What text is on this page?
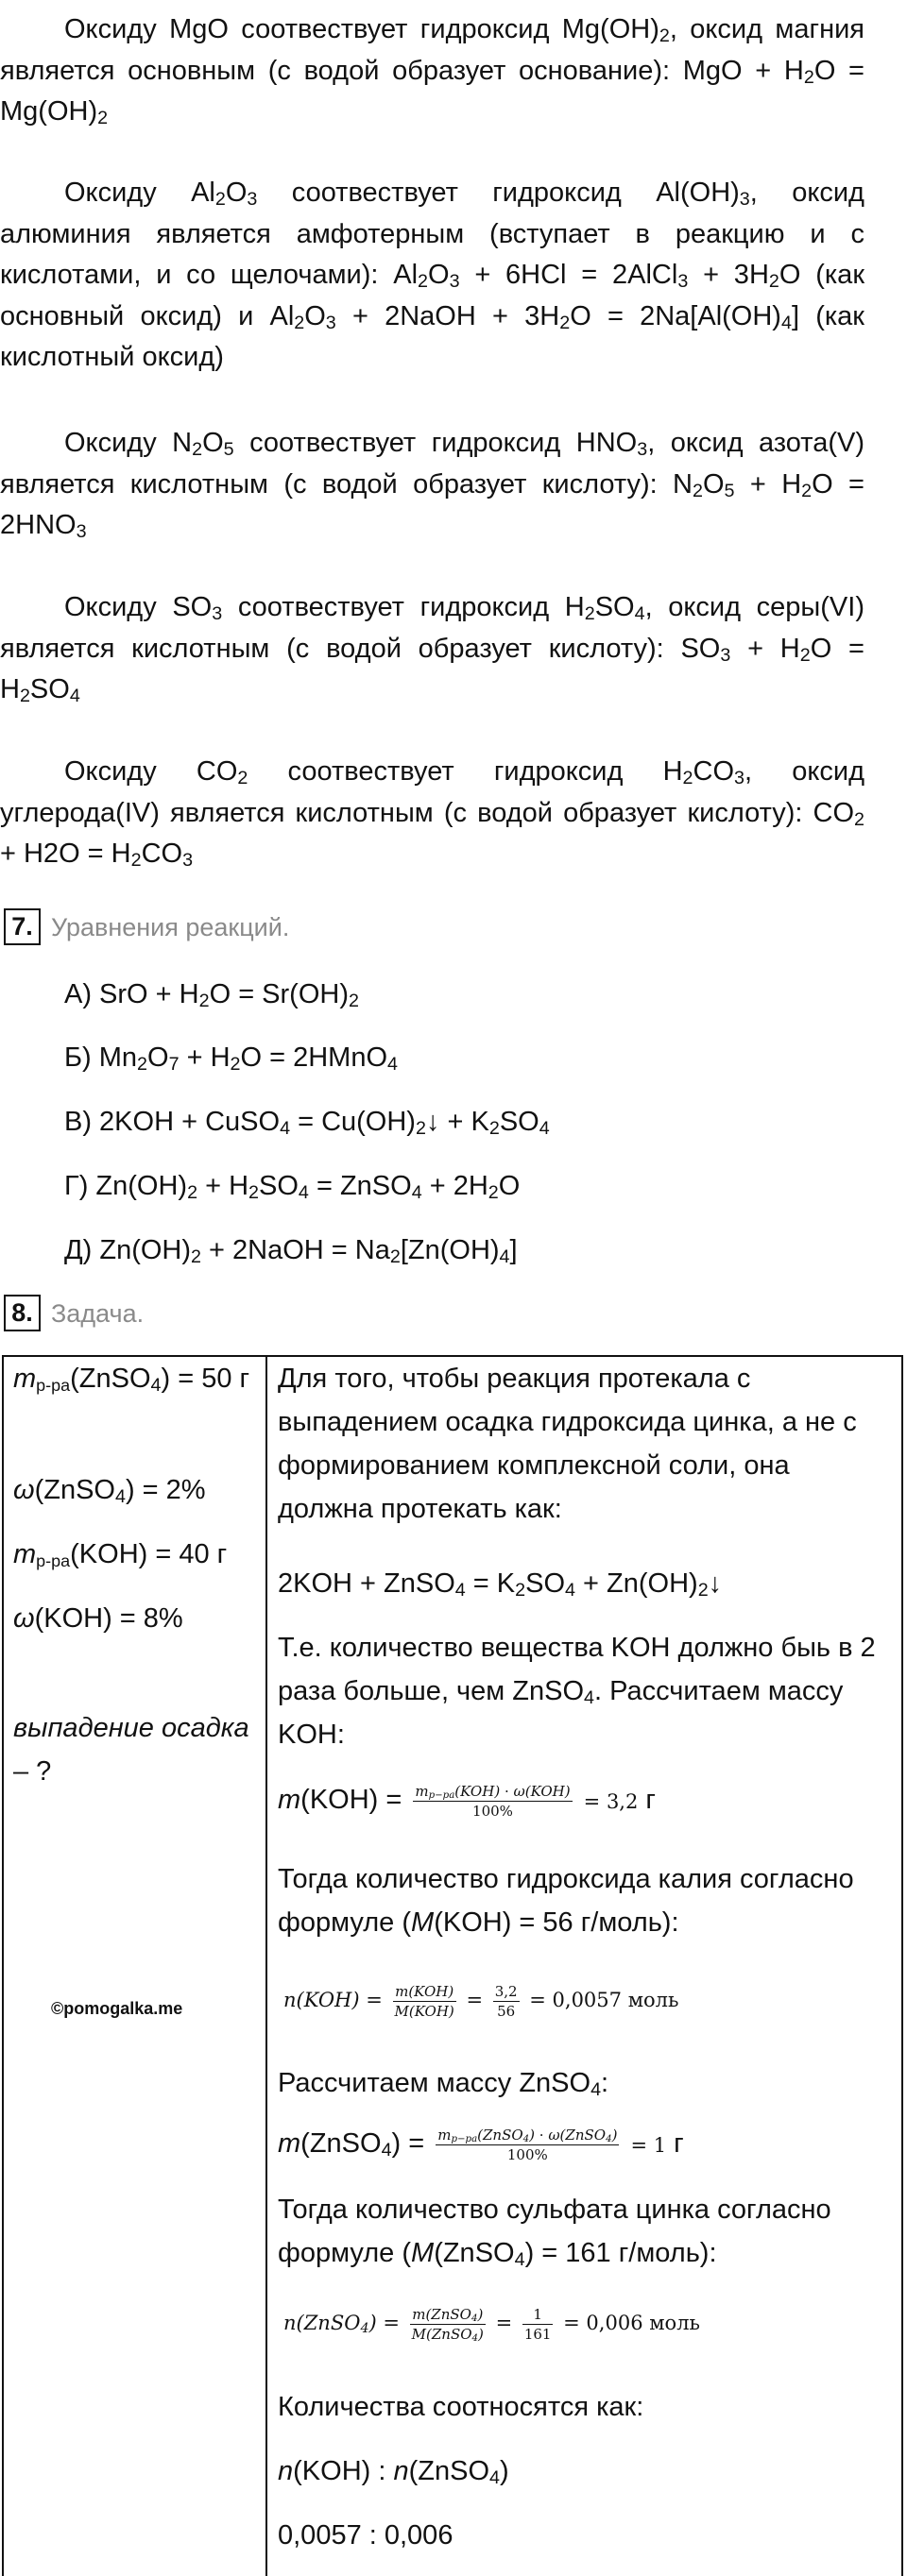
Оксиду MgO соотвествует гидроксид $Mg(OH)_2$, оксид магния является основным (с водой образует основание): MgO + $H_2O = Mg(OH)_2$
Оксиду $Al_2O_3$ соотвествует гидроксид $Al(OH)_3$, оксид алюминия является амфотерным (вступает в реакцию и с кислотами, и со щелочами): $Al_2O_3 + 6HCl$ = 2AlCl$_3$ + $3H_2O$ (как основный оксид) и $Al_2O_3$ + 2NaOH + $3H_2O = 2Na[Al(OH)_4]$ (как кислотный оксид)
Оксиду $N_2O_5$ соотвествует гидроксид $HNO_3$, оксид азота(V) является кислотным (с водой образует кислоту): $N_2O_5 + H_2O = 2HNO_3$
Оксиду $SO_3$ соотвествует гидроксид $H_2SO_4$, оксид серы(VI) является кислотным (с водой образует кислоту): $SO_3 + H_2O = H_2SO_4$
Оксиду $CO_2$ соотвествует гидроксид $H_2CO_3$, оксид углерода(IV) является кислотным (с водой образует кислоту): $CO_2 + H2O = H_2CO_3$
7. Уравнения реакций.
А) SrO + $H_2O = Sr(OH)_2$
Б) $Mn_2O_7 + H_2O$ = 2HMnO$_4$
В) 2KOH + CuSO$_4$ = $Cu(OH)_2↓ + K_2SO_4$
Г) $Zn(OH)_2 + H_2SO_4$ = ZnSO$_4$ + $2H_2O$
Д) $Zn(OH)_2$ + 2NaOH = $Na_2[Zn(OH)_4]$
8. Задача.
$m_{р-ра}(ZnSO_4) = 50$ г
ω(ZnSO$_4$) = 2%
$m_{р-ра}(KOH) = 40$ г
ω(KOH) = 8%
выпадение осадка – ?
©pomogalka.me
Для того, чтобы реакция протекала с выпадением осадка гидроксида цинка, а не с формированием комплексной соли, она должна протекать как:
2KOH + ZnSO$_4$ = $K_2SO_4$ + $Zn(OH)_2↓$
Т.е. количество вещества KOH должно быь в 2 раза больше, чем ZnSO$_4$. Рассчитаем массу KOH:
$m(KOH) = \frac{m_{p-pa}(KOH) \cdot \omega(KOH)}{100\%} = 3,2$ г
Тогда количество гидроксида калия согласно формуле (M(KOH) = 56 г/моль):
$n(KOH) = \frac{\text{m(KOH)}}{\text{M(KOH)}} = \frac{3,2}{56} = 0,0057$ моль
Рассчитаем массу ZnSO$_4$:
m(ZnSO$_4$) = $\frac{m_{p-pa}(ZnSO_4) \cdot \omega(ZnSO_4)}{100\%} = 1$ г
Тогда количество сульфата цинка согласно формуле (M(ZnSO$_4$) = 161 г/моль):
n(ZnSO$_4$) = $\frac{m(ZnSO_4)}{M(ZnSO_4)} = \frac{1}{161} = 0,006$ моль
Количества соотносятся как:
n(KOH) : n(ZnSO$_4$)
0,0057 : 0,006
